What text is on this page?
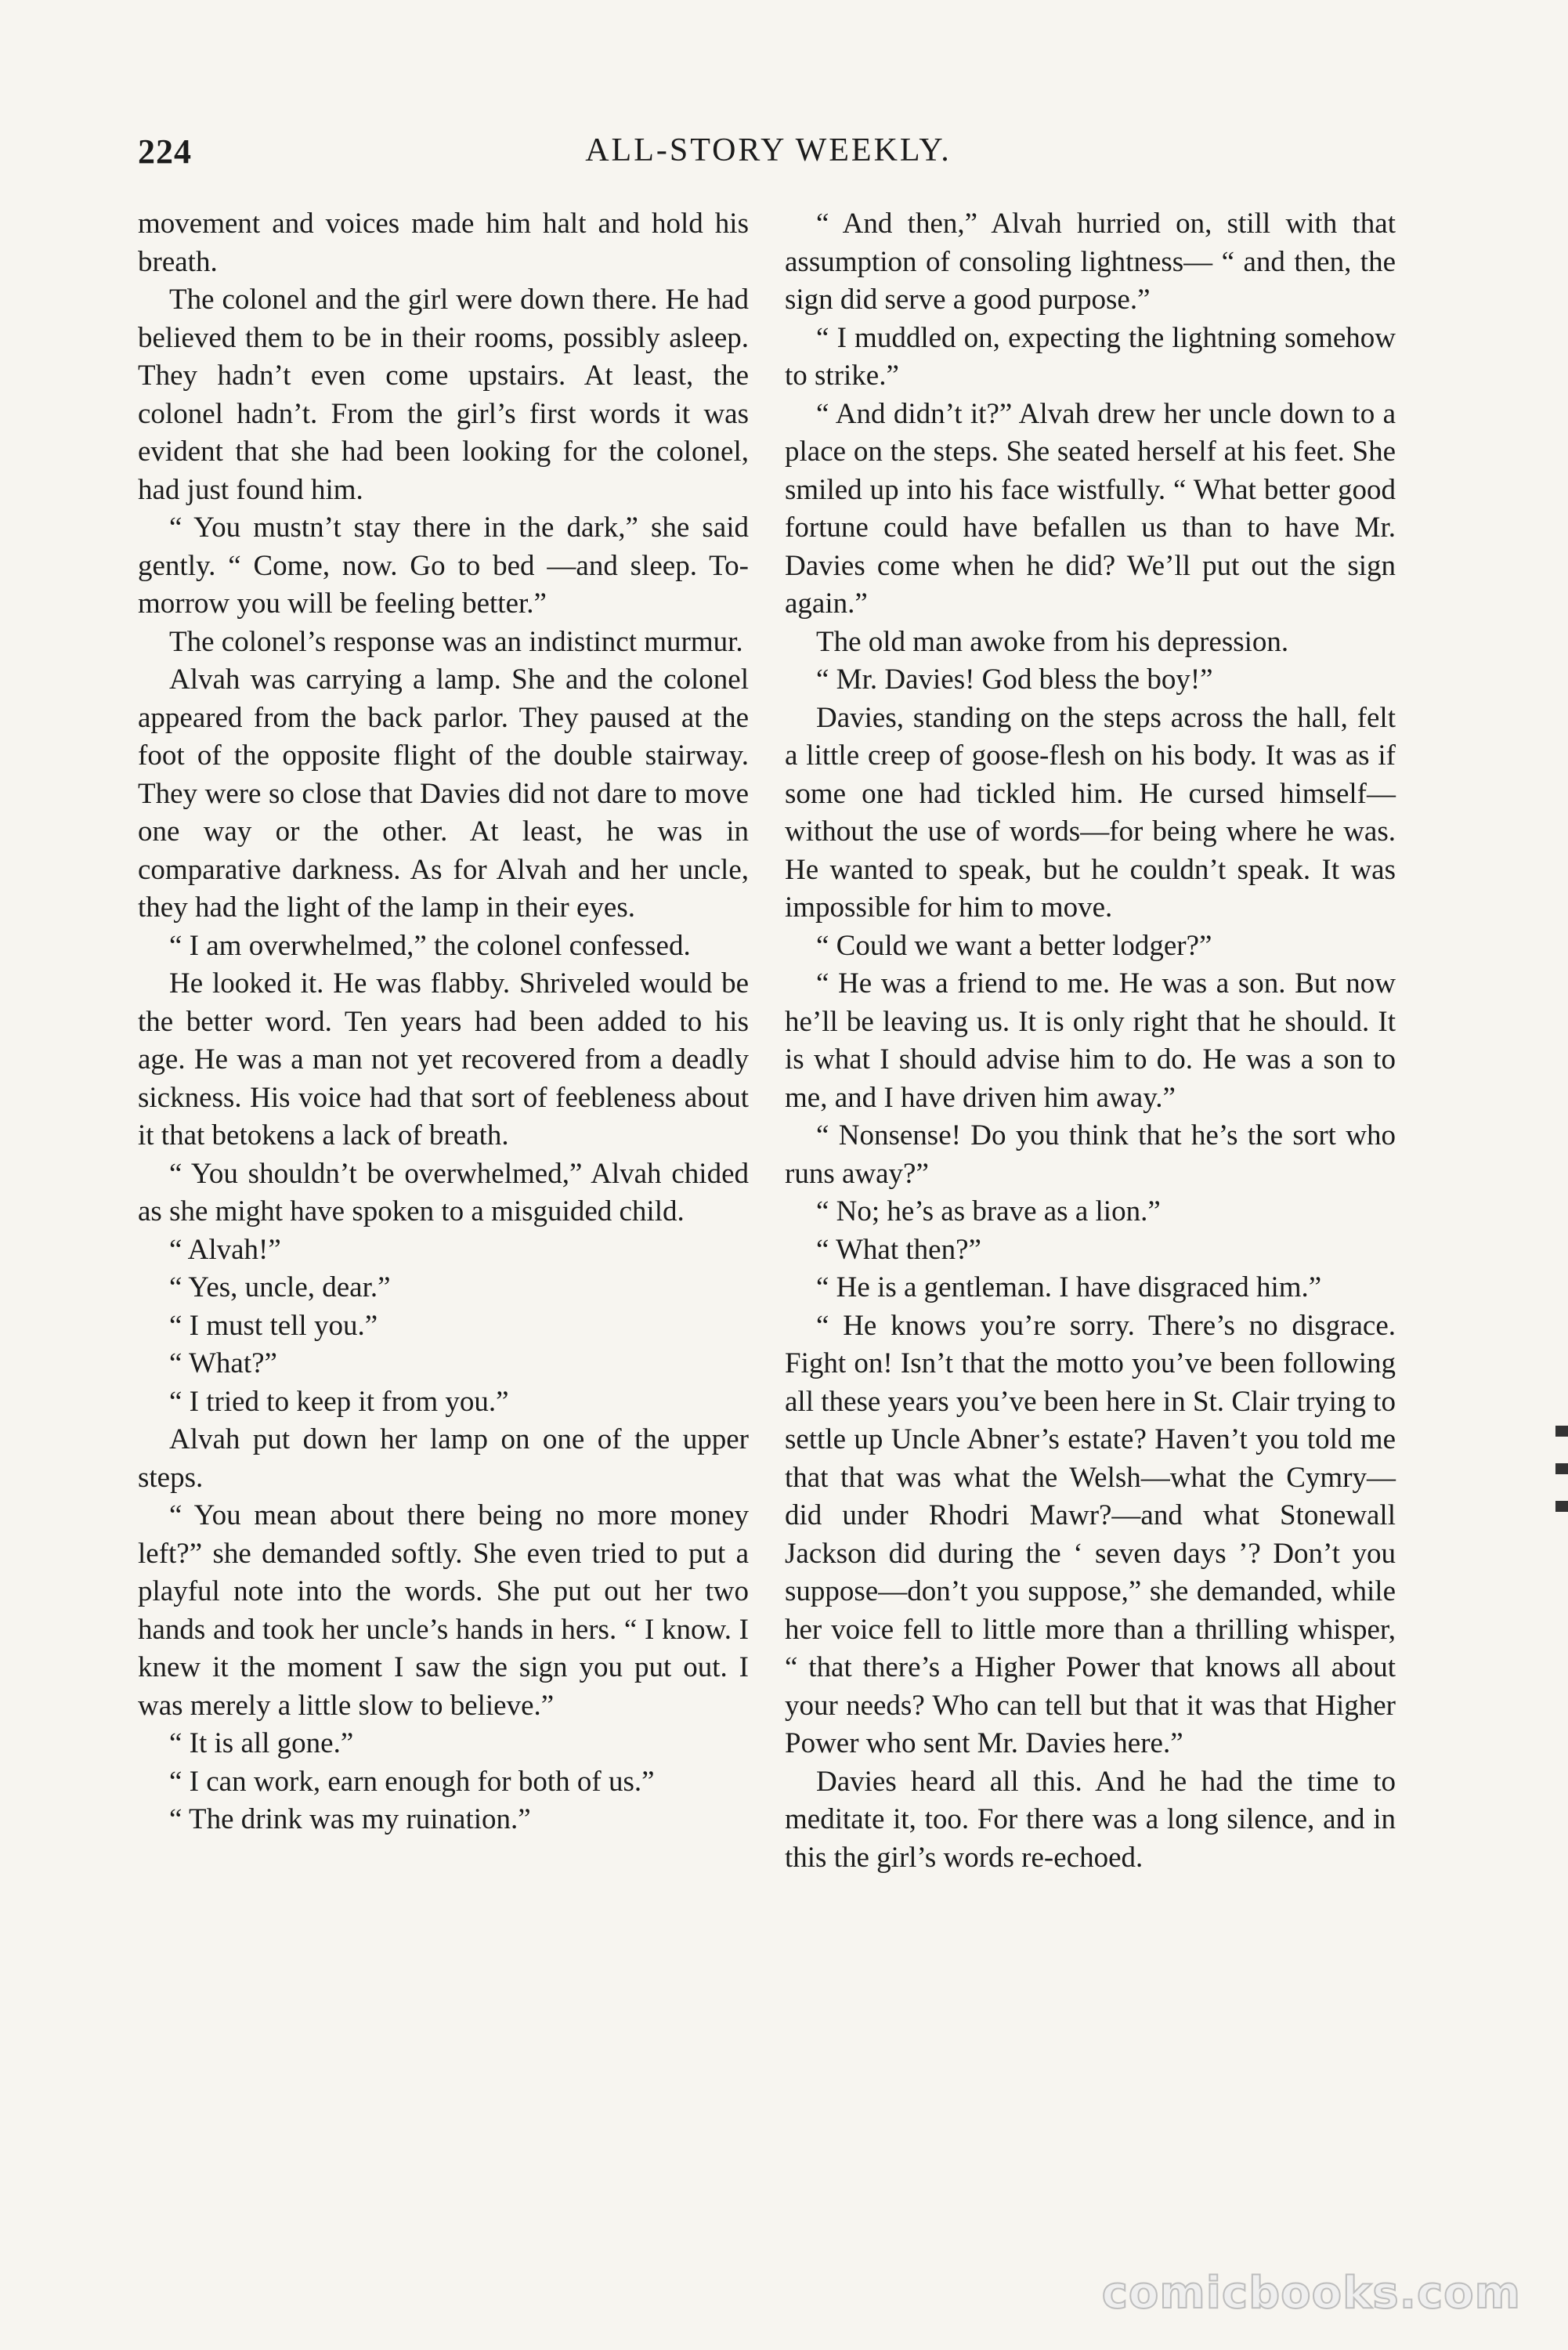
224	ALL-STORY WEEKLY.

movement and voices made him halt and hold his breath.

The colonel and the girl were down there. He had believed them to be in their rooms, possibly asleep. They hadn’t even come upstairs. At least, the colonel hadn’t. From the girl’s first words it was evident that she had been looking for the colonel, had just found him.

“ You mustn’t stay there in the dark,” she said gently. “ Come, now. Go to bed —and sleep. To-morrow you will be feeling better.”

The colonel’s response was an indistinct murmur.

Alvah was carrying a lamp. She and the colonel appeared from the back parlor. They paused at the foot of the opposite flight of the double stairway. They were so close that Davies did not dare to move one way or the other. At least, he was in comparative darkness. As for Alvah and her uncle, they had the light of the lamp in their eyes.

“ I am overwhelmed,” the colonel confessed.

He looked it. He was flabby. Shriveled would be the better word. Ten years had been added to his age. He was a man not yet recovered from a deadly sickness. His voice had that sort of feebleness about it that betokens a lack of breath.

“ You shouldn’t be overwhelmed,” Alvah chided as she might have spoken to a misguided child.

“ Alvah!”

“ Yes, uncle, dear.”

“ I must tell you.”

“ What?”

“ I tried to keep it from you.”

Alvah put down her lamp on one of the upper steps.

“ You mean about there being no more money left?” she demanded softly. She even tried to put a playful note into the words. She put out her two hands and took her uncle’s hands in hers. “ I know. I knew it the moment I saw the sign you put out. I was merely a little slow to believe.”

“ It is all gone.”

“ I can work, earn enough for both of us.”

“ The drink was my ruination.”

“ And then,” Alvah hurried on, still with that assumption of consoling lightness— “ and then, the sign did serve a good purpose.”

“ I muddled on, expecting the lightning somehow to strike.”

“ And didn’t it?” Alvah drew her uncle down to a place on the steps. She seated herself at his feet. She smiled up into his face wistfully. “ What better good fortune could have befallen us than to have Mr. Davies come when he did? We’ll put out the sign again.”

The old man awoke from his depression.

“ Mr. Davies! God bless the boy!”

Davies, standing on the steps across the hall, felt a little creep of goose-flesh on his body. It was as if some one had tickled him. He cursed himself—without the use of words—for being where he was. He wanted to speak, but he couldn’t speak. It was impossible for him to move.

“ Could we want a better lodger?”

“ He was a friend to me. He was a son. But now he’ll be leaving us. It is only right that he should. It is what I should advise him to do. He was a son to me, and I have driven him away.”

“ Nonsense! Do you think that he’s the sort who runs away?”

“ No; he’s as brave as a lion.”

“ What then?”

“ He is a gentleman. I have disgraced him.”

“ He knows you’re sorry. There’s no disgrace. Fight on! Isn’t that the motto you’ve been following all these years you’ve been here in St. Clair trying to settle up Uncle Abner’s estate? Haven’t you told me that that was what the Welsh—what the Cymry—did under Rhodri Mawr?—and what Stonewall Jackson did during the ‘ seven days ’? Don’t you suppose—don’t you suppose,” she demanded, while her voice fell to little more than a thrilling whisper, “ that there’s a Higher Power that knows all about your needs? Who can tell but that it was that Higher Power who sent Mr. Davies here.”

Davies heard all this. And he had the time to meditate it, too. For there was a long silence, and in this the girl’s words re-echoed.

comicbooks.com
